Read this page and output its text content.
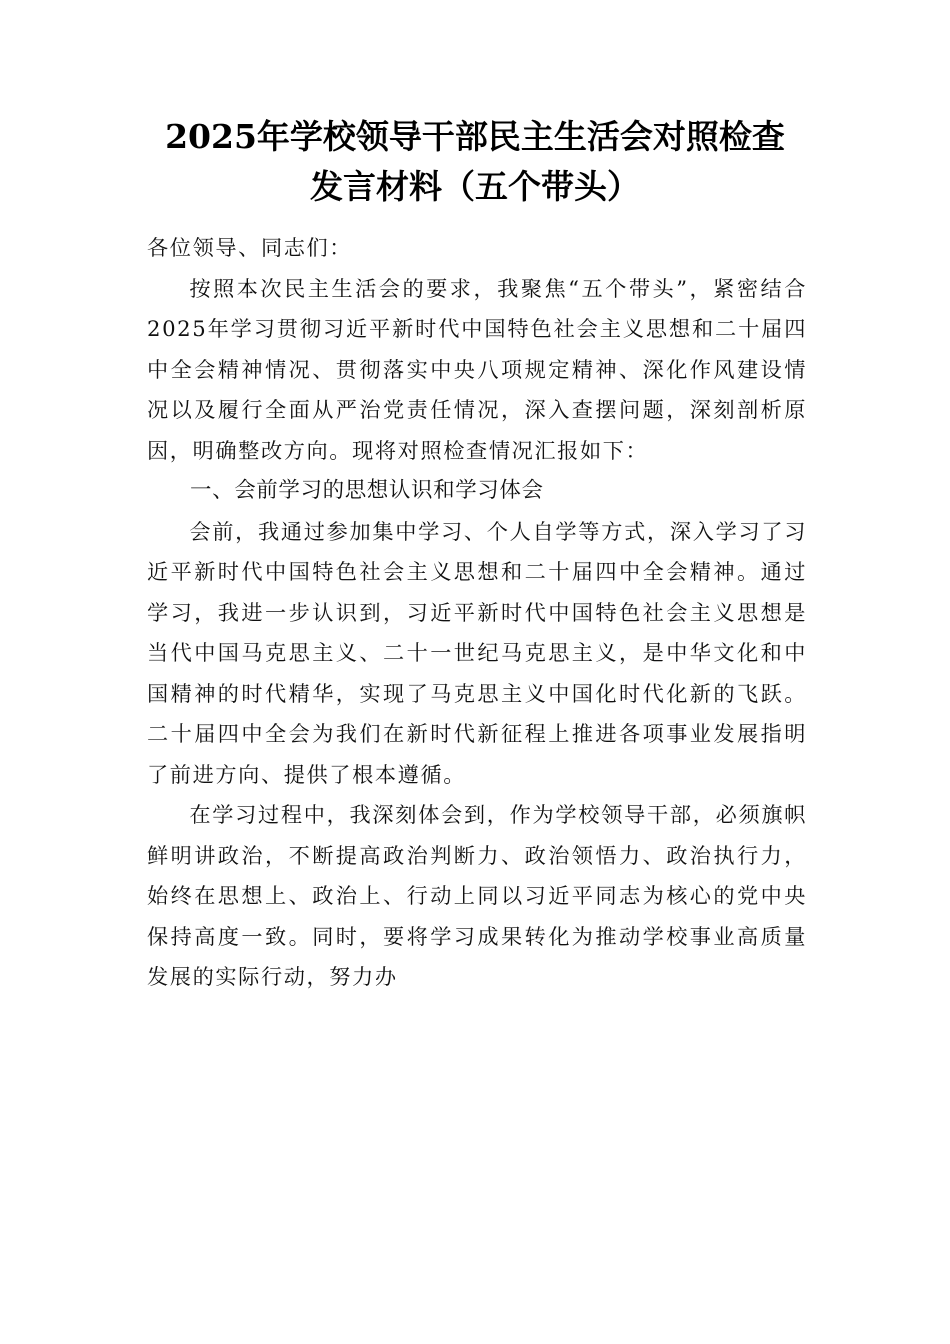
2025年学校领导干部民主生活会对照检查
发言材料（五个带头）

各位领导、同志们：

按照本次民主生活会的要求，我聚焦“五个带头”，紧密结合2025年学习贯彻习近平新时代中国特色社会主义思想和二十届四中全会精神情况、贯彻落实中央八项规定精神、深化作风建设情况以及履行全面从严治党责任情况，深入查摆问题，深刻剖析原因，明确整改方向。现将对照检查情况汇报如下：

一、会前学习的思想认识和学习体会

会前，我通过参加集中学习、个人自学等方式，深入学习了习近平新时代中国特色社会主义思想和二十届四中全会精神。通过学习，我进一步认识到，习近平新时代中国特色社会主义思想是当代中国马克思主义、二十一世纪马克思主义，是中华文化和中国精神的时代精华，实现了马克思主义中国化时代化新的飞跃。二十届四中全会为我们在新时代新征程上推进各项事业发展指明了前进方向、提供了根本遵循。

在学习过程中，我深刻体会到，作为学校领导干部，必须旗帜鲜明讲政治，不断提高政治判断力、政治领悟力、政治执行力，始终在思想上、政治上、行动上同以习近平同志为核心的党中央保持高度一致。同时，要将学习成果转化为推动学校事业高质量发展的实际行动，努力办
